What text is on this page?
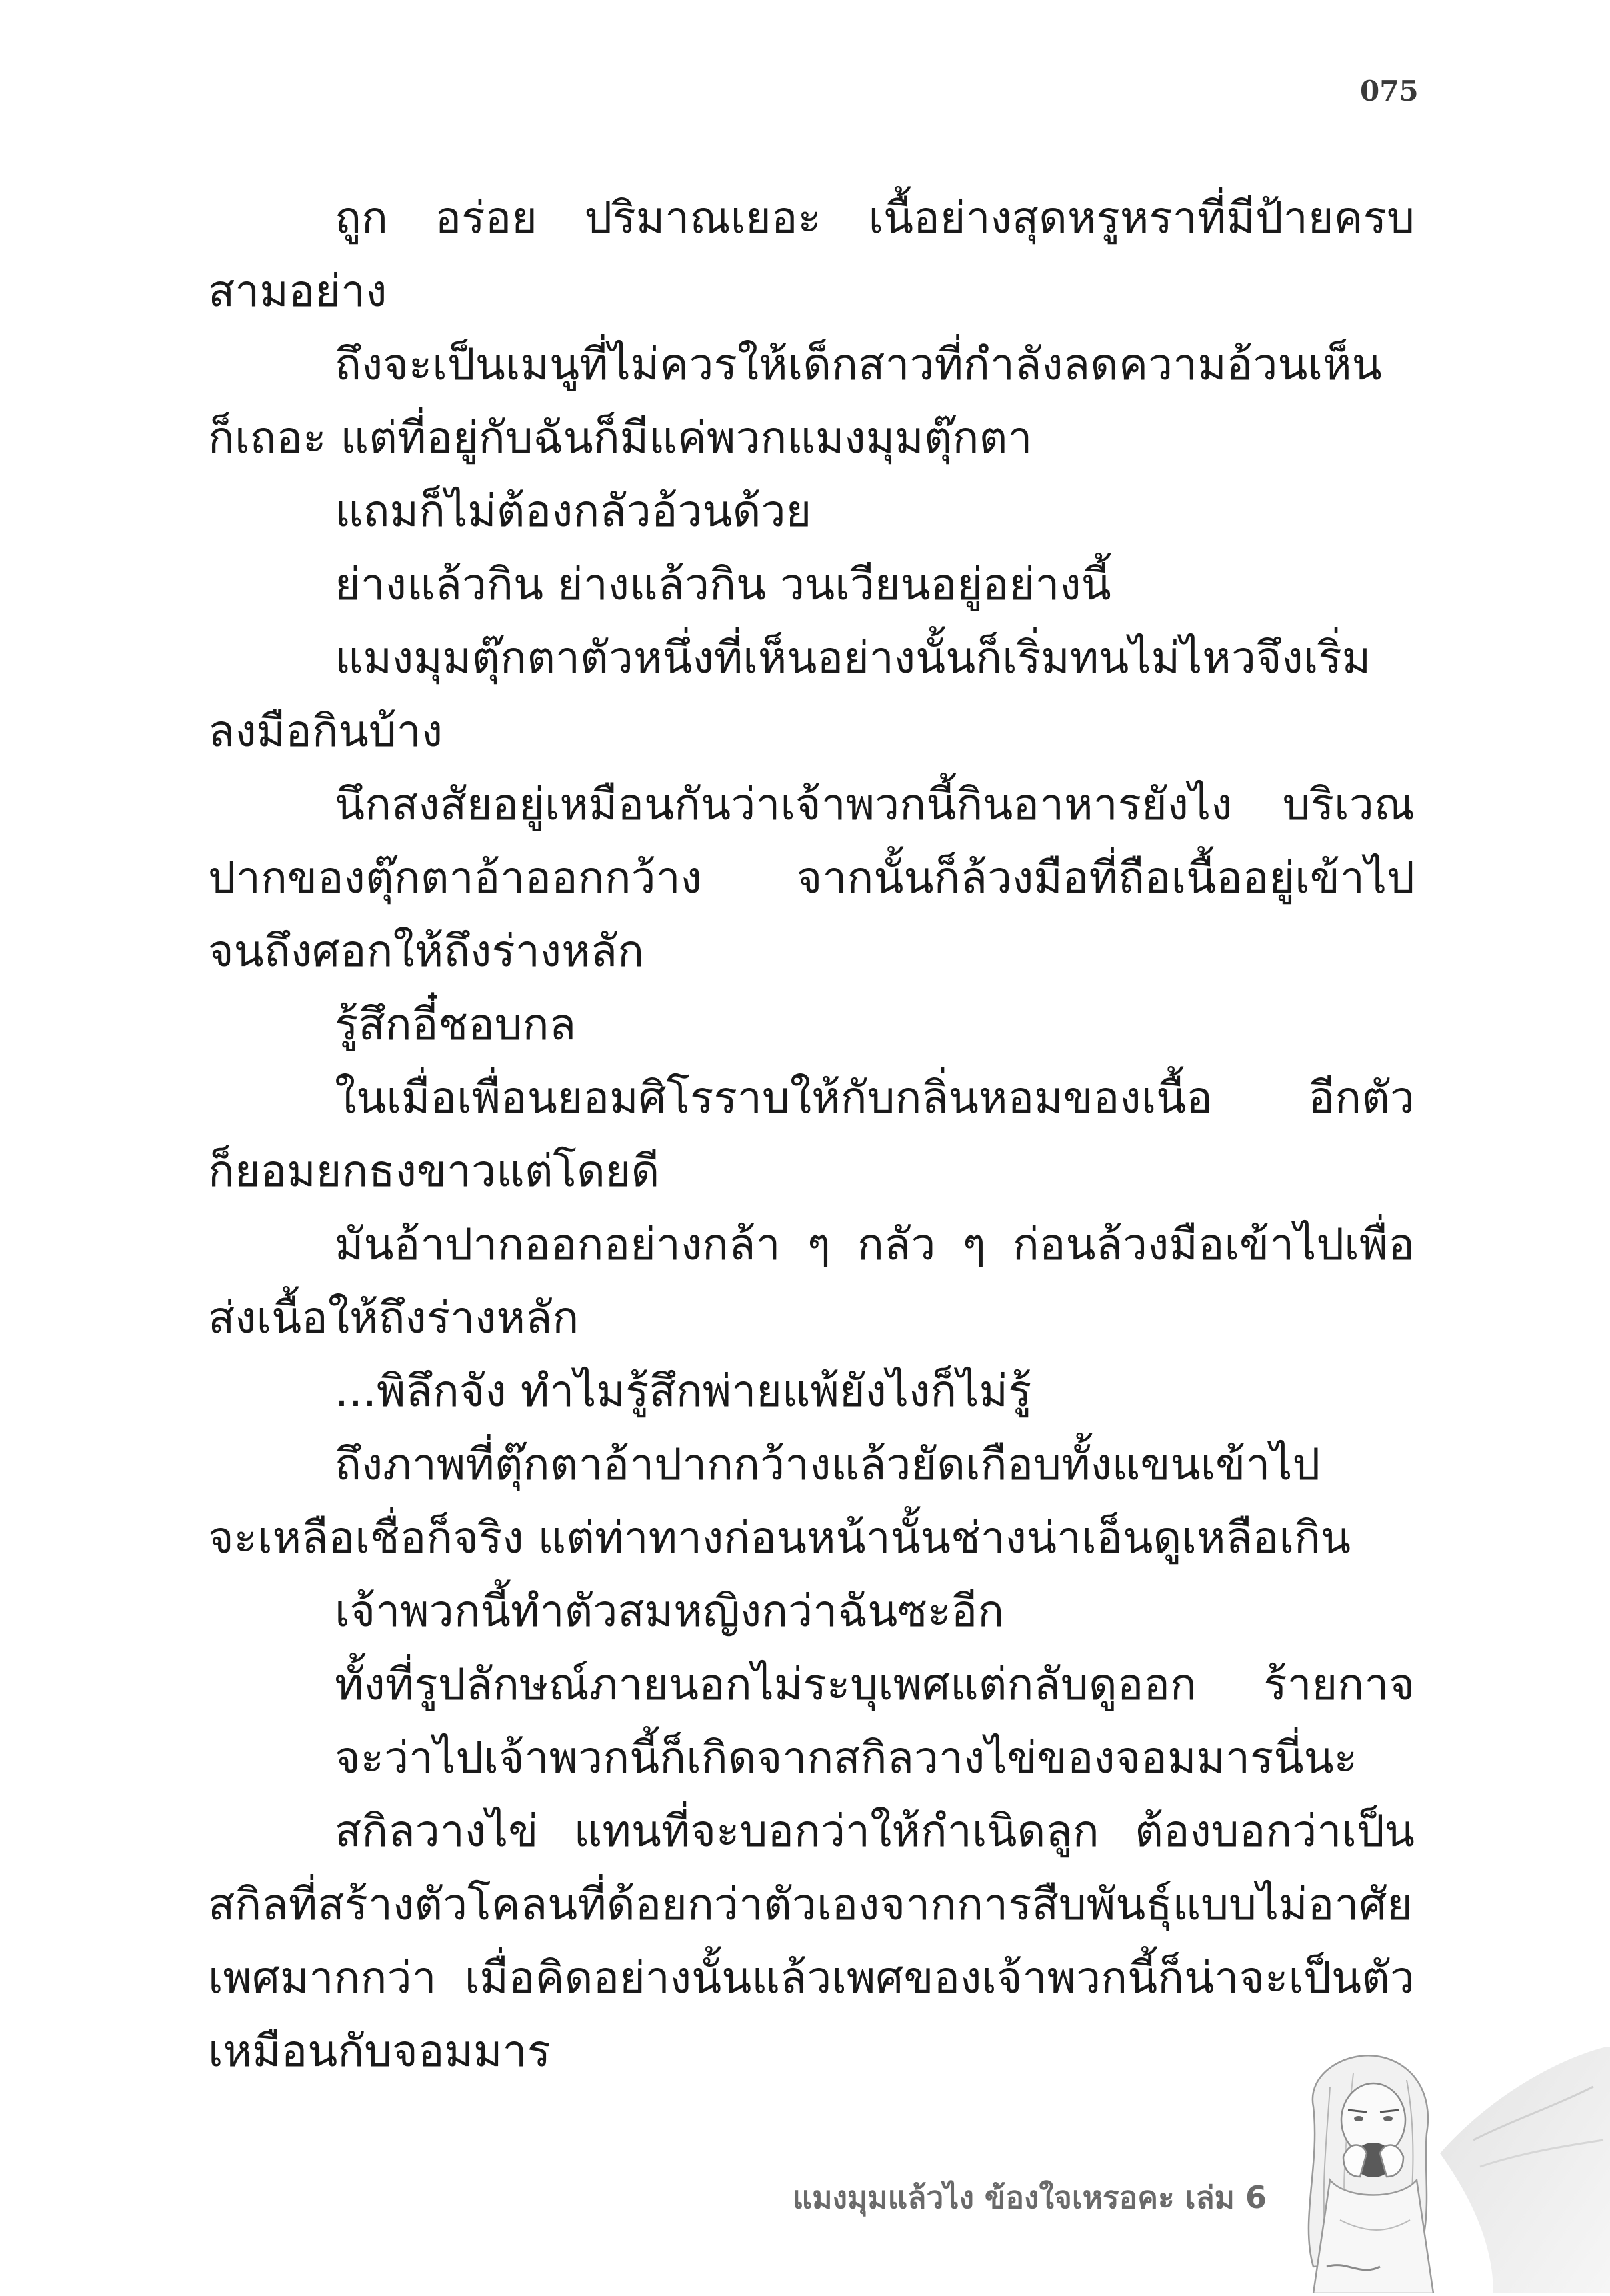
075
ถูก อร่อย ปริมาณเยอะ เนื้อย่างสุดหรูหราที่มีป้ายครบ
สามอย่าง
ถึงจะเป็นเมนูที่ไม่ควรให้เด็กสาวที่กำลังลดความอ้วนเห็น
ก็เถอะ แต่ที่อยู่กับฉันก็มีแค่พวกแมงมุมตุ๊กตา
แถมก็ไม่ต้องกลัวอ้วนด้วย
ย่างแล้วกิน ย่างแล้วกิน วนเวียนอยู่อย่างนี้
แมงมุมตุ๊กตาตัวหนึ่งที่เห็นอย่างนั้นก็เริ่มทนไม่ไหวจึงเริ่ม
ลงมือกินบ้าง
นึกสงสัยอยู่เหมือนกันว่าเจ้าพวกนี้กินอาหารยังไง บริเวณ
ปากของตุ๊กตาอ้าออกกว้าง จากนั้นก็ล้วงมือที่ถือเนื้ออยู่เข้าไป
จนถึงศอกให้ถึงร่างหลัก
รู้สึกอี๋ชอบกล
ในเมื่อเพื่อนยอมศิโรราบให้กับกลิ่นหอมของเนื้อ อีกตัว
ก็ยอมยกธงขาวแต่โดยดี
มันอ้าปากออกอย่างกล้า ๆ กลัว ๆ ก่อนล้วงมือเข้าไปเพื่อ
ส่งเนื้อให้ถึงร่างหลัก
...พิลึกจัง ทำไมรู้สึกพ่ายแพ้ยังไงก็ไม่รู้
ถึงภาพที่ตุ๊กตาอ้าปากกว้างแล้วยัดเกือบทั้งแขนเข้าไป
จะเหลือเชื่อก็จริง แต่ท่าทางก่อนหน้านั้นช่างน่าเอ็นดูเหลือเกิน
เจ้าพวกนี้ทำตัวสมหญิงกว่าฉันซะอีก
ทั้งที่รูปลักษณ์ภายนอกไม่ระบุเพศแต่กลับดูออก ร้ายกาจ
จะว่าไปเจ้าพวกนี้ก็เกิดจากสกิลวางไข่ของจอมมารนี่นะ
สกิลวางไข่ แทนที่จะบอกว่าให้กำเนิดลูก ต้องบอกว่าเป็น
สกิลที่สร้างตัวโคลนที่ด้อยกว่าตัวเองจากการสืบพันธุ์แบบไม่อาศัย
เพศมากกว่า เมื่อคิดอย่างนั้นแล้วเพศของเจ้าพวกนี้ก็น่าจะเป็นตัว
เหมือนกับจอมมาร
แมงมุมแล้วไง ข้องใจเหรอคะ เล่ม 6
